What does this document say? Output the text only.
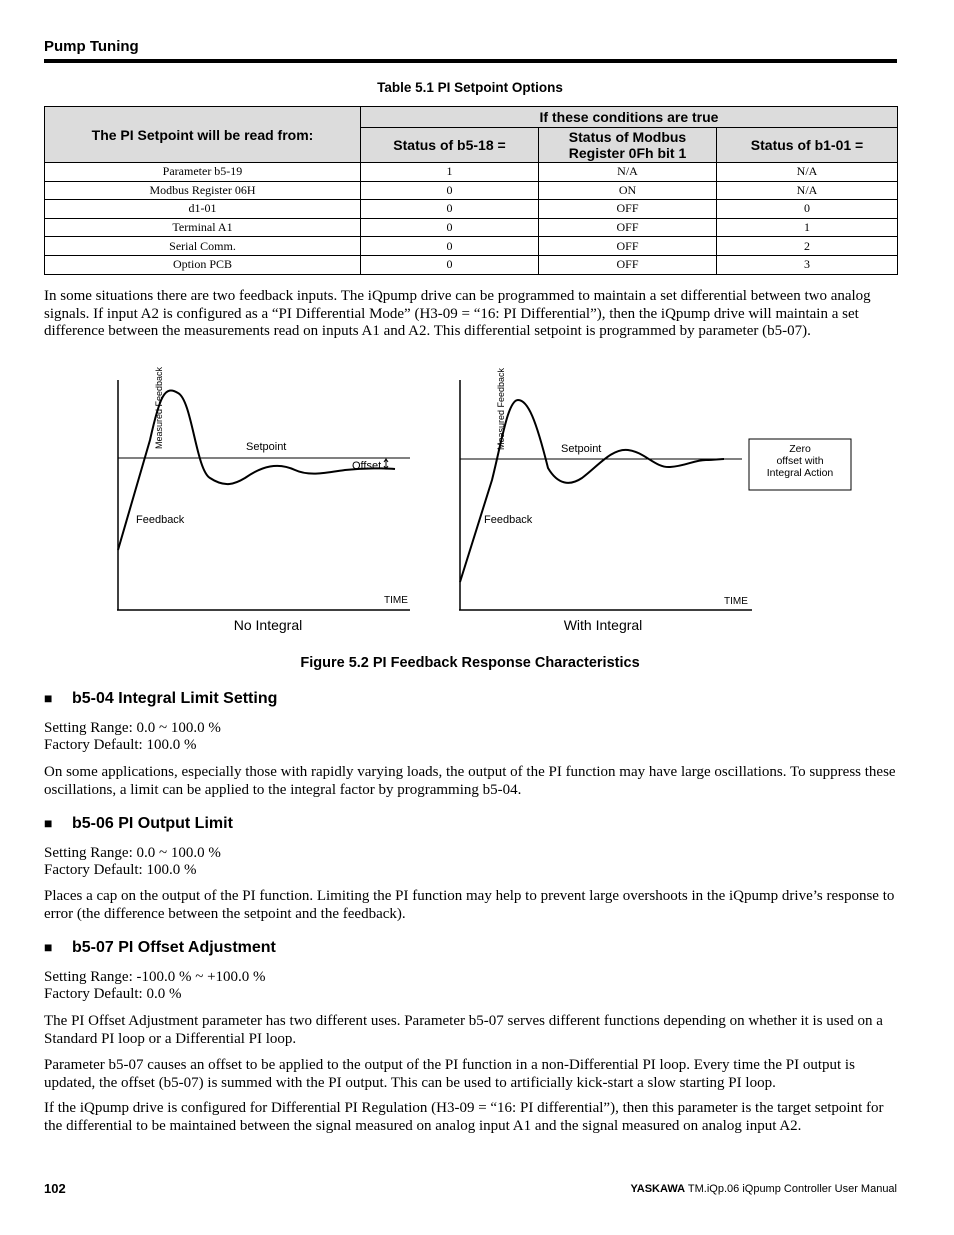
Pump Tuning
Table 5.1 PI Setpoint Options
The PI Setpoint will be read from:	If these conditions are true		
	Status of b5-18 =	Status of Modbus Register 0Fh bit 1	Status of b1-01 =
Parameter b5-19	1	N/A	N/A
Modbus Register 06H	0	ON	N/A
d1-01	0	OFF	0
Terminal A1	0	OFF	1
Serial Comm.	0	OFF	2
Option PCB	0	OFF	3

In some situations there are two feedback inputs. The iQpump drive can be programmed to maintain a set differential between two analog signals. If input A2 is configured as a “PI Differential Mode” (H3-09 = “16: PI Differential”), then the iQpump drive will maintain a set difference between the measurements read on inputs A1 and A2. This differential setpoint is programmed by parameter (b5-07).

Measured Feedback	Setpoint
Offset
Feedback
TIME
No Integral
Measured Feedback	Setpoint
Feedback
TIME
With Integral
Zero
offset with
Integral Action
Figure 5.2 PI Feedback Response Characteristics
■ b5-04 Integral Limit Setting

Setting Range: 0.0 ~ 100.0 %

Factory Default: 100.0 %

On some applications, especially those with rapidly varying loads, the output of the PI function may have large oscillations. To suppress these oscillations, a limit can be applied to the integral factor by programming b5-04.

■ b5-06 PI Output Limit

Setting Range: 0.0 ~ 100.0 %

Factory Default: 100.0 %

Places a cap on the output of the PI function. Limiting the PI function may help to prevent large overshoots in the iQpump drive’s response to error (the difference between the setpoint and the feedback).

■ b5-07 PI Offset Adjustment

Setting Range: -100.0 % ~ +100.0 %

Factory Default: 0.0 %

The PI Offset Adjustment parameter has two different uses. Parameter b5-07 serves different functions depending on whether it is used on a Standard PI loop or a Differential PI loop.

Parameter b5-07 causes an offset to be applied to the output of the PI function in a non-Differential PI loop. Every time the PI output is updated, the offset (b5-07) is summed with the PI output. This can be used to artificially kick-start a slow starting PI loop.

If the iQpump drive is configured for Differential PI Regulation (H3-09 = “16: PI differential”), then this parameter is the target setpoint for the differential to be maintained between the signal measured on analog input A1 and the signal measured on analog input A2.

102	YASKAWA TM.iQp.06 iQpump Controller User Manual
